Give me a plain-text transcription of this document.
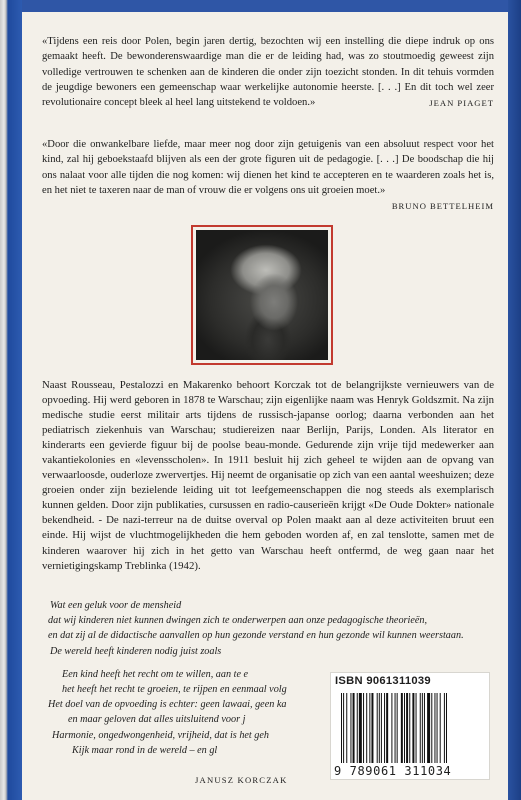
«Tijdens een reis door Polen, begin jaren dertig, bezochten wij een instelling die diepe indruk op ons gemaakt heeft. De bewonderenswaardige man die er de leiding had, was zo stoutmoedig geweest zijn volledige vertrouwen te schenken aan de kinderen die onder zijn toezicht stonden. In dit tehuis vormden de jeugdige bewoners een gemeenschap waar werkelijke autonomie heerste. [. . .] En dit toch wel zeer revolutionaire concept bleek al heel lang uitstekend te voldoen.»	JEAN PIAGET

«Door die onwankelbare liefde, maar meer nog door zijn getuigenis van een absoluut respect voor het kind, zal hij geboekstaafd blijven als een der grote figuren uit de pedagogie. [. . .] De boodschap die hij ons nalaat voor alle tijden die nog komen: wij dienen het kind te accepteren en te waarderen zoals het is, en het niet te taxeren naar de man of vrouw die er volgens ons uit groeien moet.»
BRUNO BETTELHEIM

Naast Rousseau, Pestalozzi en Makarenko behoort Korczak tot de belangrijkste vernieuwers van de opvoeding. Hij werd geboren in 1878 te Warschau; zijn eigenlijke naam was Henryk Goldszmit. Na zijn medische studie eerst militair arts tijdens de russisch-japanse oorlog; daarna verbonden aan het pediatrisch ziekenhuis van Warschau; studiereizen naar Berlijn, Parijs, Londen. Als literator en kinderarts een gevierde figuur bij de poolse beau-monde. Gedurende zijn vrije tijd medewerker aan vakantiekolonies en «levensscholen». In 1911 besluit hij zich geheel te wijden aan de opvang van verwaarloosde, ouderloze zwervertjes. Hij neemt de organisatie op zich van een aantal weeshuizen; deze groeien onder zijn bezielende leiding uit tot leefgemeenschappen die nog steeds als exemplarisch kunnen gelden. Door zijn publikaties, cursussen en radio-causerieën krijgt «De Oude Dokter» nationale bekendheid. - De nazi-terreur na de duitse overval op Polen maakt aan al deze activiteiten bruut een einde. Hij wijst de vluchtmogelijkheden die hem geboden worden af, en zal tenslotte, samen met de kinderen waarover hij zich in het getto van Warschau heeft ontfermd, de weg gaan naar het vernietigingskamp Treblinka (1942).

Wat een geluk voor de mensheid
dat wij kinderen niet kunnen dwingen zich te onderwerpen aan onze pedagogische theorieën,
en dat zij al de didactische aanvallen op hun gezonde verstand en hun gezonde wil kunnen weerstaan.
De wereld heeft kinderen nodig juist zoals
Een kind heeft het recht om te willen, aan te e
het heeft het recht te groeien, te rijpen en eenmaal volg
Het doel van de opvoeding is echter: geen lawaai, geen ka
en maar geloven dat alles uitsluitend voor j
Harmonie, ongedwongenheid, vrijheid, dat is het geh
Kijk maar rond in de wereld – en gl
JANUSZ KORCZAK
ISBN 9061311039
9 789061 311034
